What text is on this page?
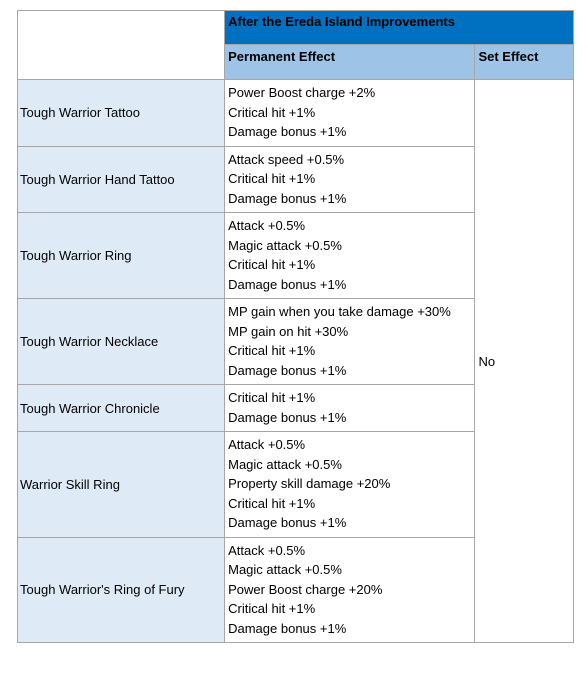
	After the Ereda Island Improvements	
	Permanent Effect	Set Effect
Tough Warrior Tattoo	Power Boost charge +2%
Critical hit +1%
Damage bonus +1%	No
Tough Warrior Hand Tattoo	Attack speed +0.5%
Critical hit +1%
Damage bonus +1%	

Tough Warrior Ring	Attack +0.5%
Magic attack +0.5%
Critical hit +1%
Damage bonus +1%	

Tough Warrior Necklace	MP gain when you take damage +30%
MP gain on hit +30%
Critical hit +1%
Damage bonus +1%	

Tough Warrior Chronicle	Critical hit +1%
Damage bonus +1%	

Warrior Skill Ring	Attack +0.5%
Magic attack +0.5%
Property skill damage +20%
Critical hit +1%
Damage bonus +1%	

Tough Warrior's Ring of Fury	Attack +0.5%
Magic attack +0.5%
Power Boost charge +20%
Critical hit +1%
Damage bonus +1%	
